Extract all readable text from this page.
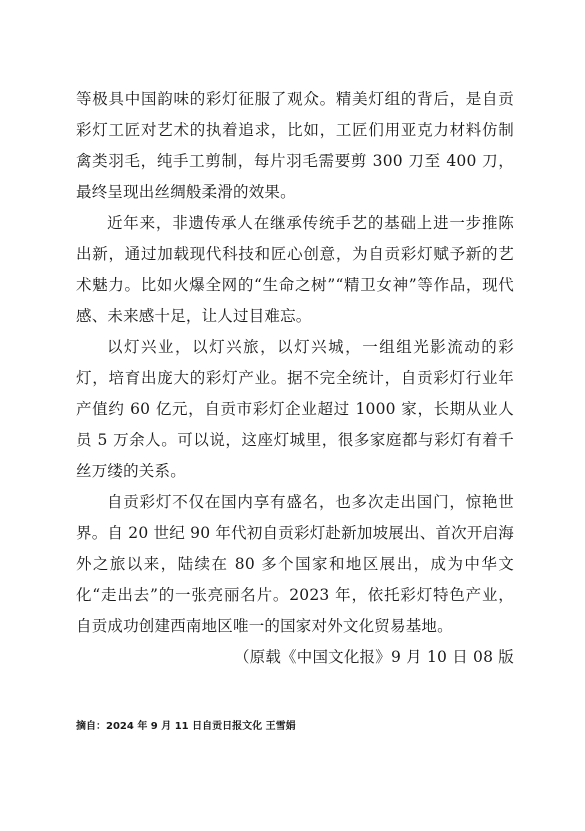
等极具中国韵味的彩灯征服了观众。精美灯组的背后，是自贡彩灯工匠对艺术的执着追求，比如，工匠们用亚克力材料仿制禽类羽毛，纯手工剪制，每片羽毛需要剪 300 刀至 400 刀，最终呈现出丝绸般柔滑的效果。

近年来，非遗传承人在继承传统手艺的基础上进一步推陈出新，通过加载现代科技和匠心创意，为自贡彩灯赋予新的艺术魅力。比如火爆全网的“生命之树”“精卫女神”等作品，现代感、未来感十足，让人过目难忘。

以灯兴业，以灯兴旅，以灯兴城，一组组光影流动的彩灯，培育出庞大的彩灯产业。据不完全统计，自贡彩灯行业年产值约 60 亿元，自贡市彩灯企业超过 1000 家，长期从业人员 5 万余人。可以说，这座灯城里，很多家庭都与彩灯有着千丝万缕的关系。

自贡彩灯不仅在国内享有盛名，也多次走出国门，惊艳世界。自 20 世纪 90 年代初自贡彩灯赴新加坡展出、首次开启海外之旅以来，陆续在 80 多个国家和地区展出，成为中华文化“走出去”的一张亮丽名片。2023 年，依托彩灯特色产业，自贡成功创建西南地区唯一的国家对外文化贸易基地。

（原载《中国文化报》9 月 10 日 08 版

摘自：2024 年 9 月 11 日自贡日报文化 王雪娟
